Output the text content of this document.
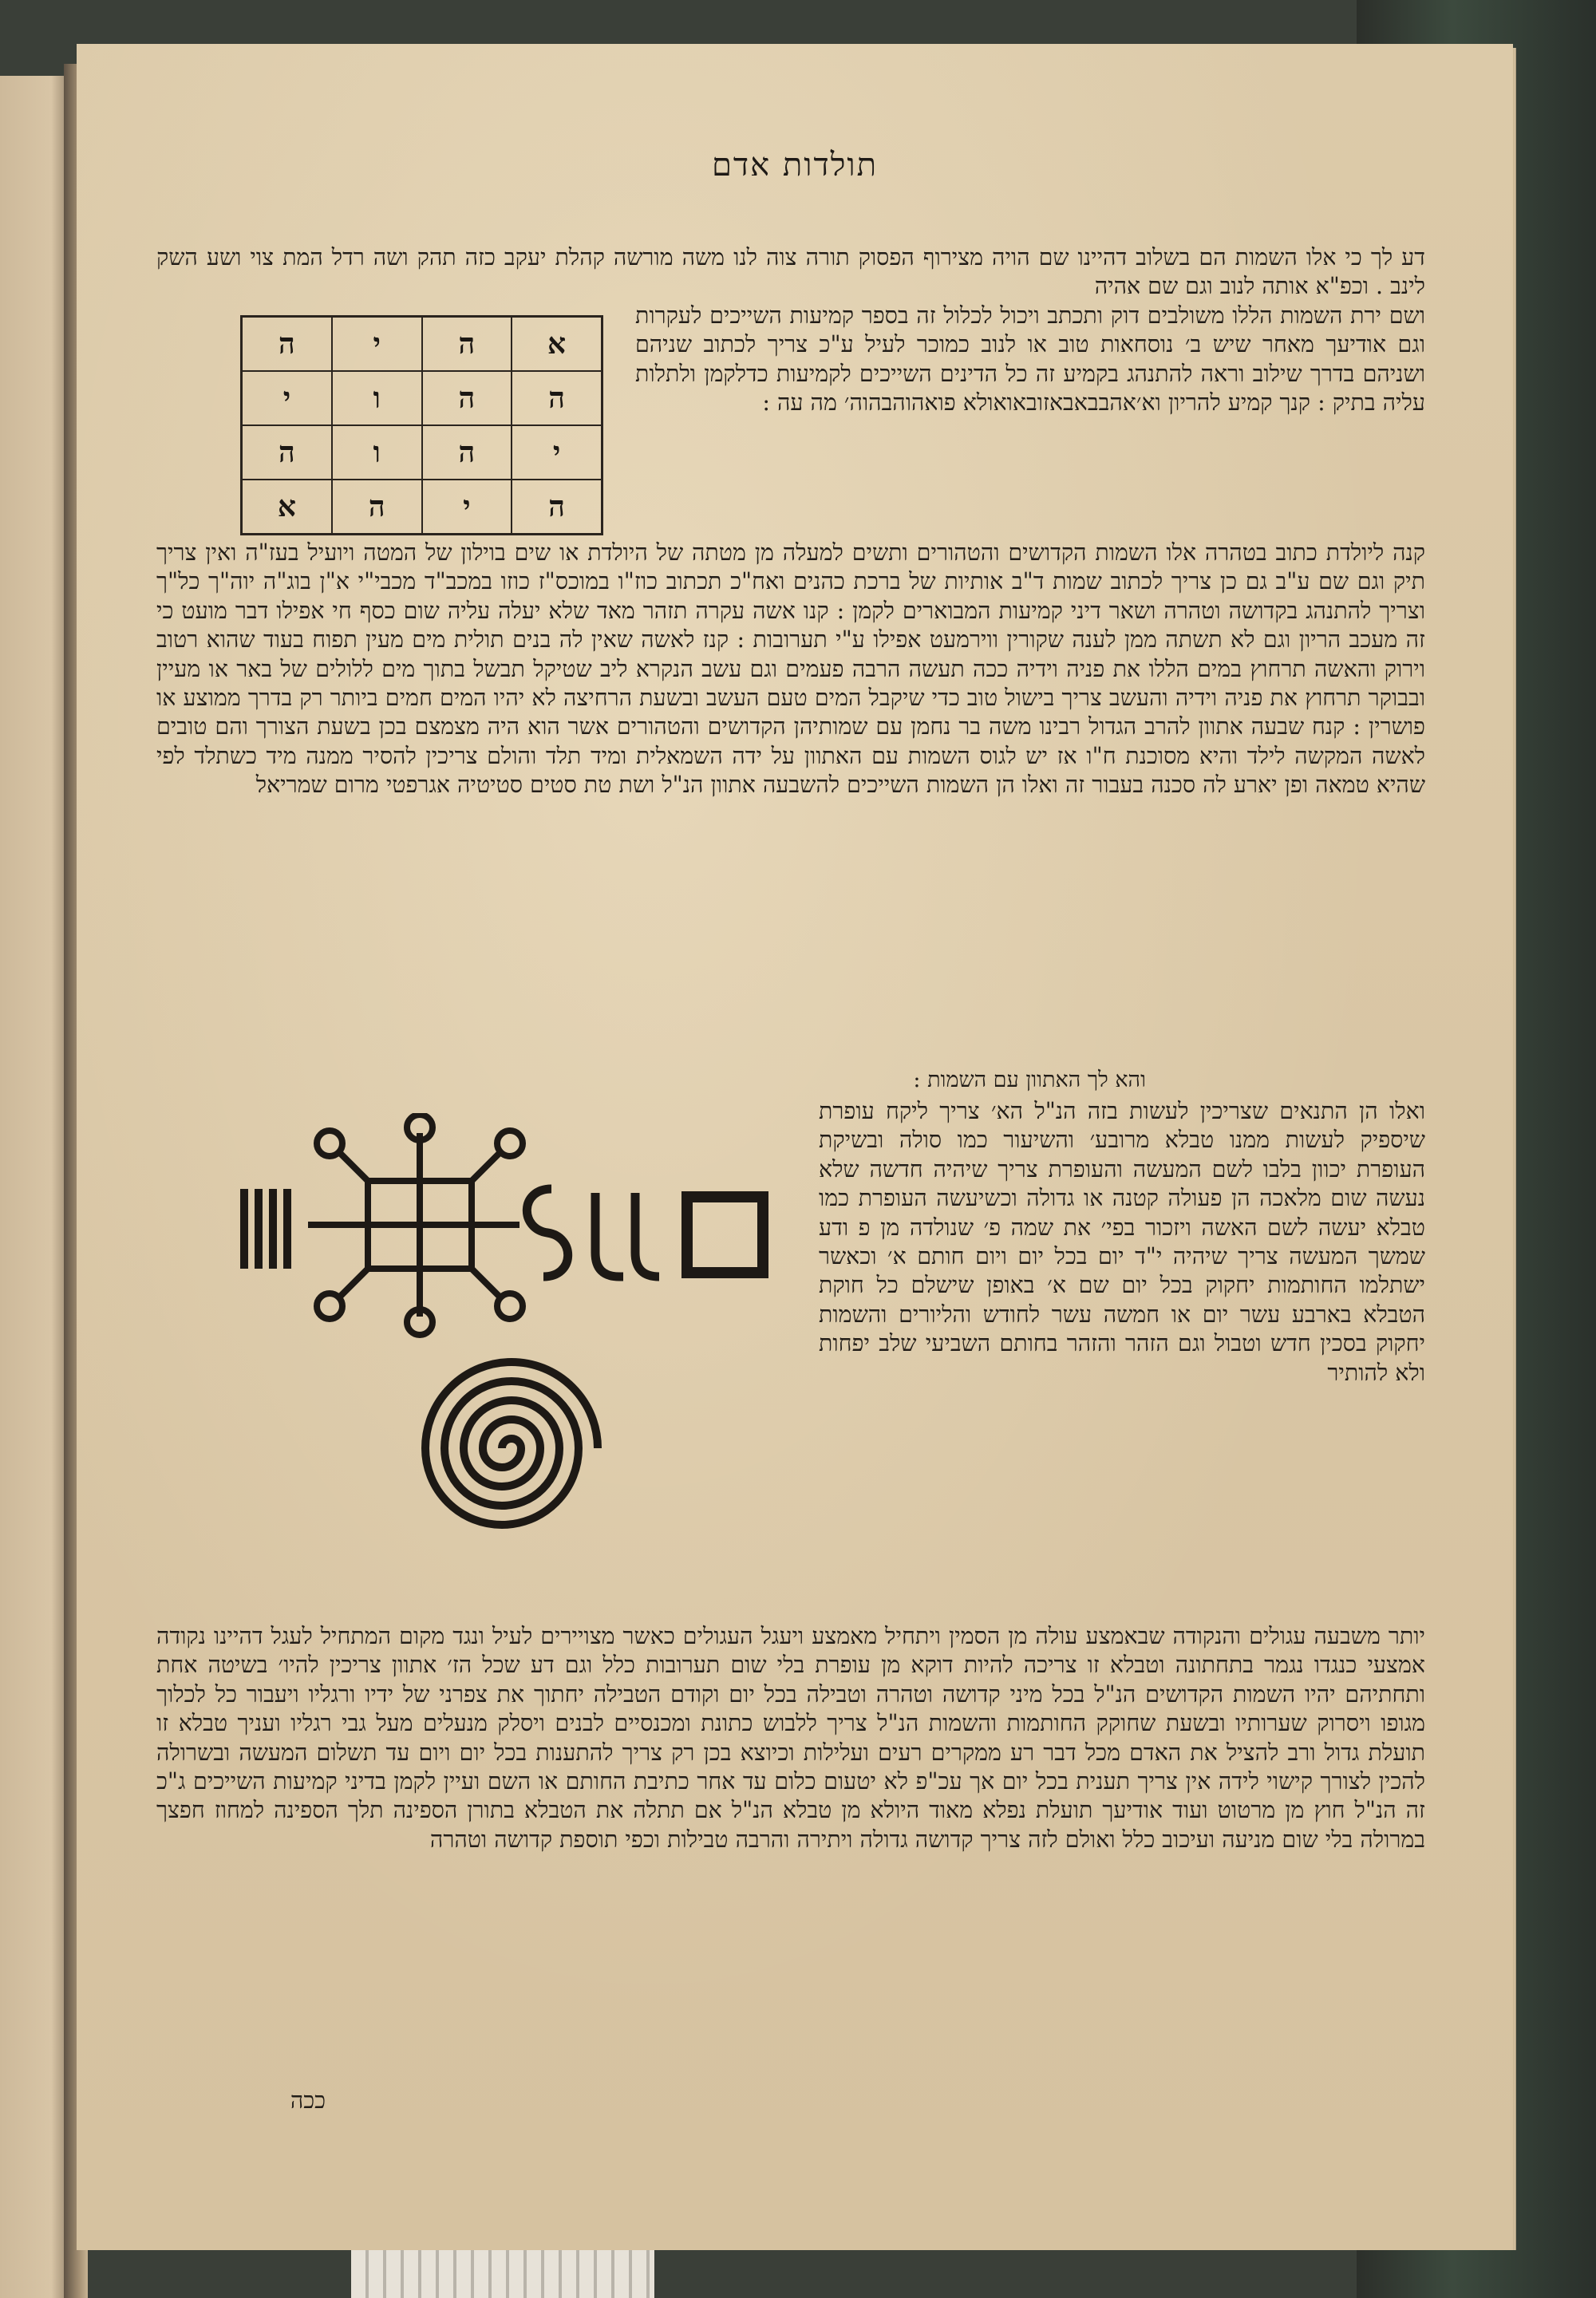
תולדות אדם

דע לך כי אלו השמות הם בשלוב דהיינו שם הויה מצירוף הפסוק תורה צוה לנו משה מורשה קהלת יעקב כזה תהק ושה רדל המת צוי ושע השק לינב . וכפ"א אותה לנוב וגם שם אהיה

א	ה	י	ה
ה	ה	ו	י
י	ה	ו	ה
ה	י	ה	א

ושם ירת השמות הללו משולבים דוק ותכתב ויכול לכלול זה בספר קמיעות השייכים לעקרות וגם אודיעך מאחר שיש ב׳ נוסחאות טוב או לנוב כמוכר לעיל ע"כ צריך לכתוב שניהם ושניהם בדרך שילוב וראה להתנהג בקמיע זה כל הדינים השייכים לקמיעות כדלקמן ולתלות עליה בתיק : קנך קמיע להריון וא׳אהבבאבאזובאואולא פואהוהבהוה׳ מה עה :

קנה ליולדת כתוב בטהרה אלו השמות הקדושים והטהורים ותשים למעלה מן מטתה של היולדת או שים בוילון של המטה ויועיל בעז"ה ואין צריך תיק וגם שם ע"ב גם כן צריך לכתוב שמות ד"ב אותיות של ברכת כהנים ואח"כ תכתוב כוז"ו במוכס"ז כוזו במכב"ד מכבי"י א"ן בוג"ה יוה"ך כל"ך וצריך להתנהג בקדושה וטהרה ושאר דיני קמיעות המבוארים לקמן : קנו אשה עקרה תזהר מאד שלא יעלה עליה שום כסף חי אפילו דבר מועט כי זה מעכב הריון וגם לא תשתה ממן לענה שקורין ווירמעט אפילו ע"י תערובות : קנז לאשה שאין לה בנים תולית מים מעין תפוח בעוד שהוא רטוב וירוק והאשה תרחוץ במים הללו את פניה וידיה ככה תעשה הרבה פעמים וגם עשב הנקרא ליב שטיקל תבשל בתוך מים ללולים של באר או מעיין ובבוקר תרחוץ את פניה וידיה והעשב צריך בישול טוב כדי שיקבל המים טעם העשב ובשעת הרחיצה לא יהיו המים חמים ביותר רק בדרך ממוצע או פושרין : קנח שבעה אתוון להרב הגדול רבינו משה בר נחמן עם שמותיהן הקדושים והטהורים אשר הוא היה מצמצם בכן בשעת הצורך והם טובים לאשה המקשה לילד והיא מסוכנת ח"ו אז יש לגוס השמות עם האתוון על ידה השמאלית ומיד תלד והולם צריכין להסיר ממנה מיד כשתלד לפי שהיא טמאה ופן יארע לה סכנה בעבור זה ואלו הן השמות השייכים להשבעה אתוון הנ"ל ושת טת סטים סטיטיה אגרפטי מרום שמריאל

והא לך האתוון עם השמות :

ואלו הן התנאים שצריכין לעשות בזה הנ"ל הא׳ צריך ליקח עופרת שיספיק לעשות ממנו טבלא מרובע׳ והשיעור כמו סולה ובשיקת העופרת יכוון בלבו לשם המעשה והעופרת צריך שיהיה חדשה שלא נעשה שום מלאכה הן פעולה קטנה או גדולה וכשיעשה העופרת כמו טבלא יעשה לשם האשה ויזכור בפי׳ את שמה פ׳ שנולדה מן פ ודע שמשך המעשה צריך שיהיה י"ד יום בכל יום ויום חותם א׳ וכאשר ישתלמו החותמות יחקוק בכל יום שם א׳ באופן שישלם כל חוקת הטבלא בארבע עשר יום או חמשה עשר לחודש והליורים והשמות יחקוק בסכין חדש וטבול וגם הזהר והזהר בחותם השביעי שלב יפחות ולא להותיר

יותר משבעה עגולים והנקודה שבאמצע עולה מן הסמין ויתחיל מאמצע ויעגל העגולים כאשר מצויירים לעיל ונגד מקום המתחיל לעגל דהיינו נקודה אמצעי כנגדו נגמר בתחתונה וטבלא זו צריכה להיות דוקא מן עופרת בלי שום תערובות כלל וגם דע שכל הז׳ אתוון צריכין להיו׳ בשיטה אחת ותחתיהם יהיו השמות הקדושים הנ"ל בכל מיני קדושה וטהרה וטבילה בכל יום וקודם הטבילה יחתוך את צפרני של ידיו ורגליו ויעבור כל לכלוך מגופו ויסרוק שערותיו ובשעת שחוקק החותמות והשמות הנ"ל צריך ללבוש כתונת ומכנסיים לבנים ויסלק מנעלים מעל גבי רגליו ועניך טבלא זו תועלת גדול ורב להציל את האדם מכל דבר רע ממקרים רעים ועלילות וכיוצא בכן רק צריך להתענות בכל יום ויום עד תשלום המעשה ובשרולה להכין לצורך קישוי לידה אין צריך תענית בכל יום אך עכ"פ לא יטעום כלום עד אחר כתיבת החותם או השם ועיין לקמן בדיני קמיעות השייכים ג"כ זה הנ"ל חוץ מן מרטוט ועוד אודיעך תועלת נפלא מאוד היולא מן טבלא הנ"ל אם תתלה את הטבלא בתורן הספינה תלך הספינה למחוז חפצך במרולה בלי שום מניעה ועיכוב כלל ואולם לזה צריך קדושה גדולה ויתירה והרבה טבילות וכפי תוספת קדושה וטהרה

ככה
